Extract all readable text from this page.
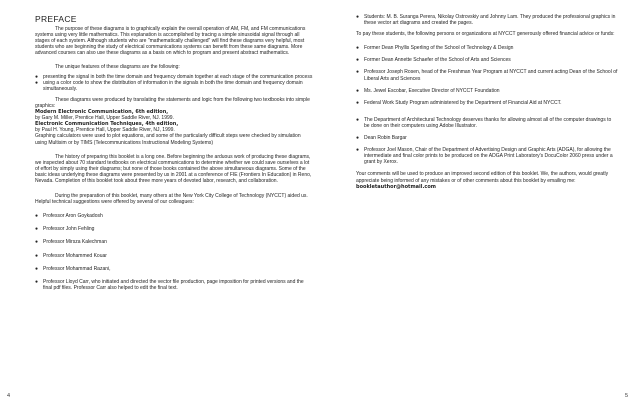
PREFACE

The purpose of these diagrams is to graphically explain the overall operation of AM, FM, and FM communications systems using very little mathematics. This explanation is accomplished by tracing a simple sinusoidal signal through all stages of each system. Although students who are "mathematically challenged" will find these diagrams very helpful, most students who are beginning the study of electrical communications systems can benefit from these same diagrams. More advanced courses can also use these diagrams as a basis on which to program and present abstract mathematics.

The unique features of these diagrams are the following:

● presenting the signal in both the time domain and frequency domain together at each stage of the communication process

● using a color code to show the distribution of information in the signals in both the time domain and frequency domain simultaneously.

These diagrams were produced by translating the statements and logic from the following two textbooks into simple graphics:

Modern Electronic Communication, 6th edition,
by Gary M. Miller, Prentice Hall, Upper Saddle River, NJ. 1999.
Electronic Communication Techniques, 4th edition,
by Paul H. Young, Prentice Hall, Upper Saddle River, NJ, 1999.

Graphing calculators were used to plot equations, and some of the particularly difficult steps were checked by simulation using Multisim or by TIMS (Telecommunications Instructional Modeling Systems)

The history of preparing this booklet is a long one. Before beginning the arduous work of producing these diagrams, we inspected about 70 standard textbooks on electrical communications to determine whether we could save ourselves a lot of effort by simply using their diagrams; but none of those books contained the above simultaneous diagrams. Some of the basic ideas underlying these diagrams were presented by us in 2001 at a conference of FIE (Frontiers In Education) in Reno, Nevada. Completion of this booklet took about three more years of devoted labor, research, and collaboration.

During the preparation of this booklet, many others at the New York City College of Technology (NYCCT) aided us. Helpful technical suggestions were offered by several of our colleagues:

● Professor Aron Goykadosh
● Professor John Fehling
● Professor Mirsza Kalechman
● Professor Mohammed Kouar
● Professor Mohammad Razani,
● Professor Lloyd Carr, who initiated and directed the vector file production, page imposition for printed versions and the final pdf files. Professor Carr also helped to edit the final text.

● Students: M. B. Suranga Perera, Nikolay Ostrovskiy and Johnny Lam. They produced the professional graphics in these vector art diagrams and created the pages.

To pay these students, the following persons or organizations at NYCCT generously offered financial advice or funds:

● Former Dean Phyllis Sperling of the School of Technology & Design
● Former Dean Annette Schaefer of the School of Arts and Sciences
● Professor Joseph Rosen, head of the Freshman Year Program at NYCCT and current acting Dean of the School of Liberal Arts and Sciences
● Ms. Jewel Escobar, Executive Director of NYCCT Foundation
● Federal Work Study Program administered by the Department of Financial Aid at NYCCT.
● The Department of Architectural Technology deserves thanks for allowing almost all of the computer drawings to be done on their computers using Adobe Illustrator.
● Dean Robin Bargar
● Professor Joel Mason, Chair of the Department of Advertising Design and Graphic Arts (ADGA), for allowing the intermediate and final color prints to be produced on the ADGA Print Laboratory's DocuColor 2060 press under a grant by Xerox.

Your comments will be used to produce an improved second edition of this booklet. We, the authors, would greatly appreciate being informed of any mistakes or of other comments about this booklet by emailing me:

bookletauthor@hotmail.com
4	5
